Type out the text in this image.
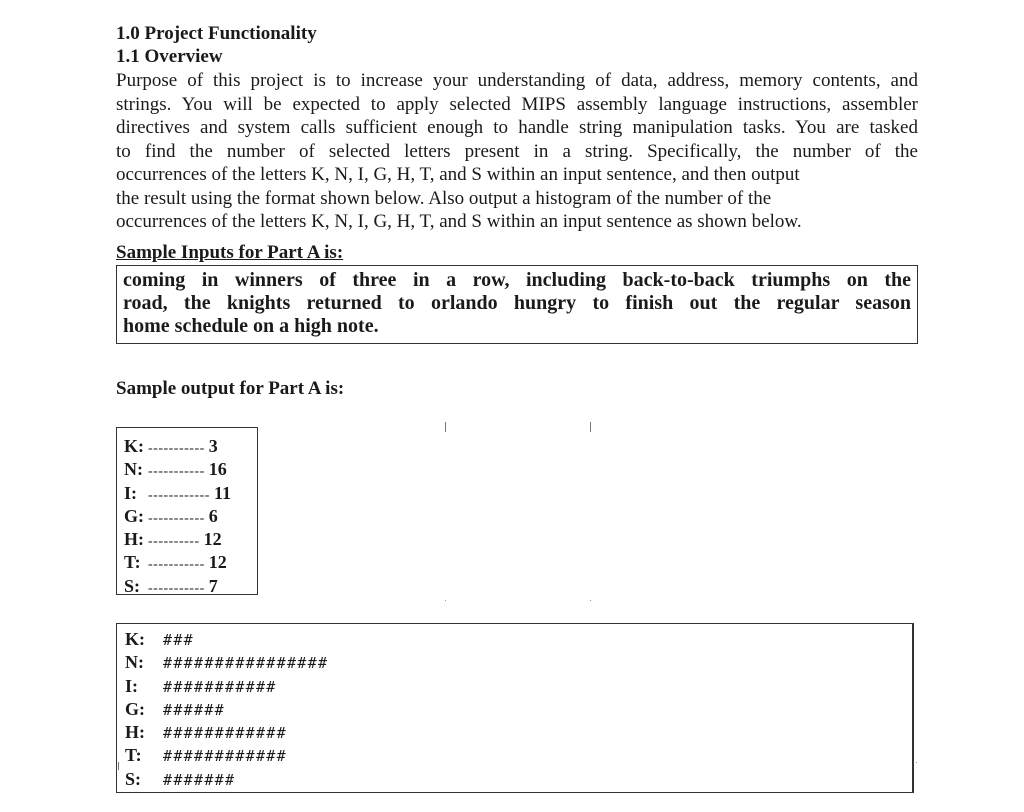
1.0 Project Functionality

1.1 Overview

Purpose of this project is to increase your understanding of data, address, memory contents, and
strings. You will be expected to apply selected MIPS assembly language instructions, assembler
directives and system calls sufficient enough to handle string manipulation tasks. You are tasked
to find the number of selected letters present in a string. Specifically, the number of the
occurrences of the letters K, N, I, G, H, T, and S within an input sentence, and then output
the result using the format shown below. Also output a histogram of the number of the
occurrences of the letters K, N, I, G, H, T, and S within an input sentence as shown below.
Sample Inputs for Part A is:
coming in winners of three in a row, including back-to-back triumphs on the
road, the knights returned to orlando hungry to finish out the regular season
home schedule on a high note.
Sample output for Part A is:
K: ----------- 3
N: ----------- 16
I: ------------ 11
G: ----------- 6
H: ---------- 12
T: ----------- 12
S: ----------- 7
K: ###
N: ################
I: ###########
G: ######
H: ############
T: ############
S: #######
